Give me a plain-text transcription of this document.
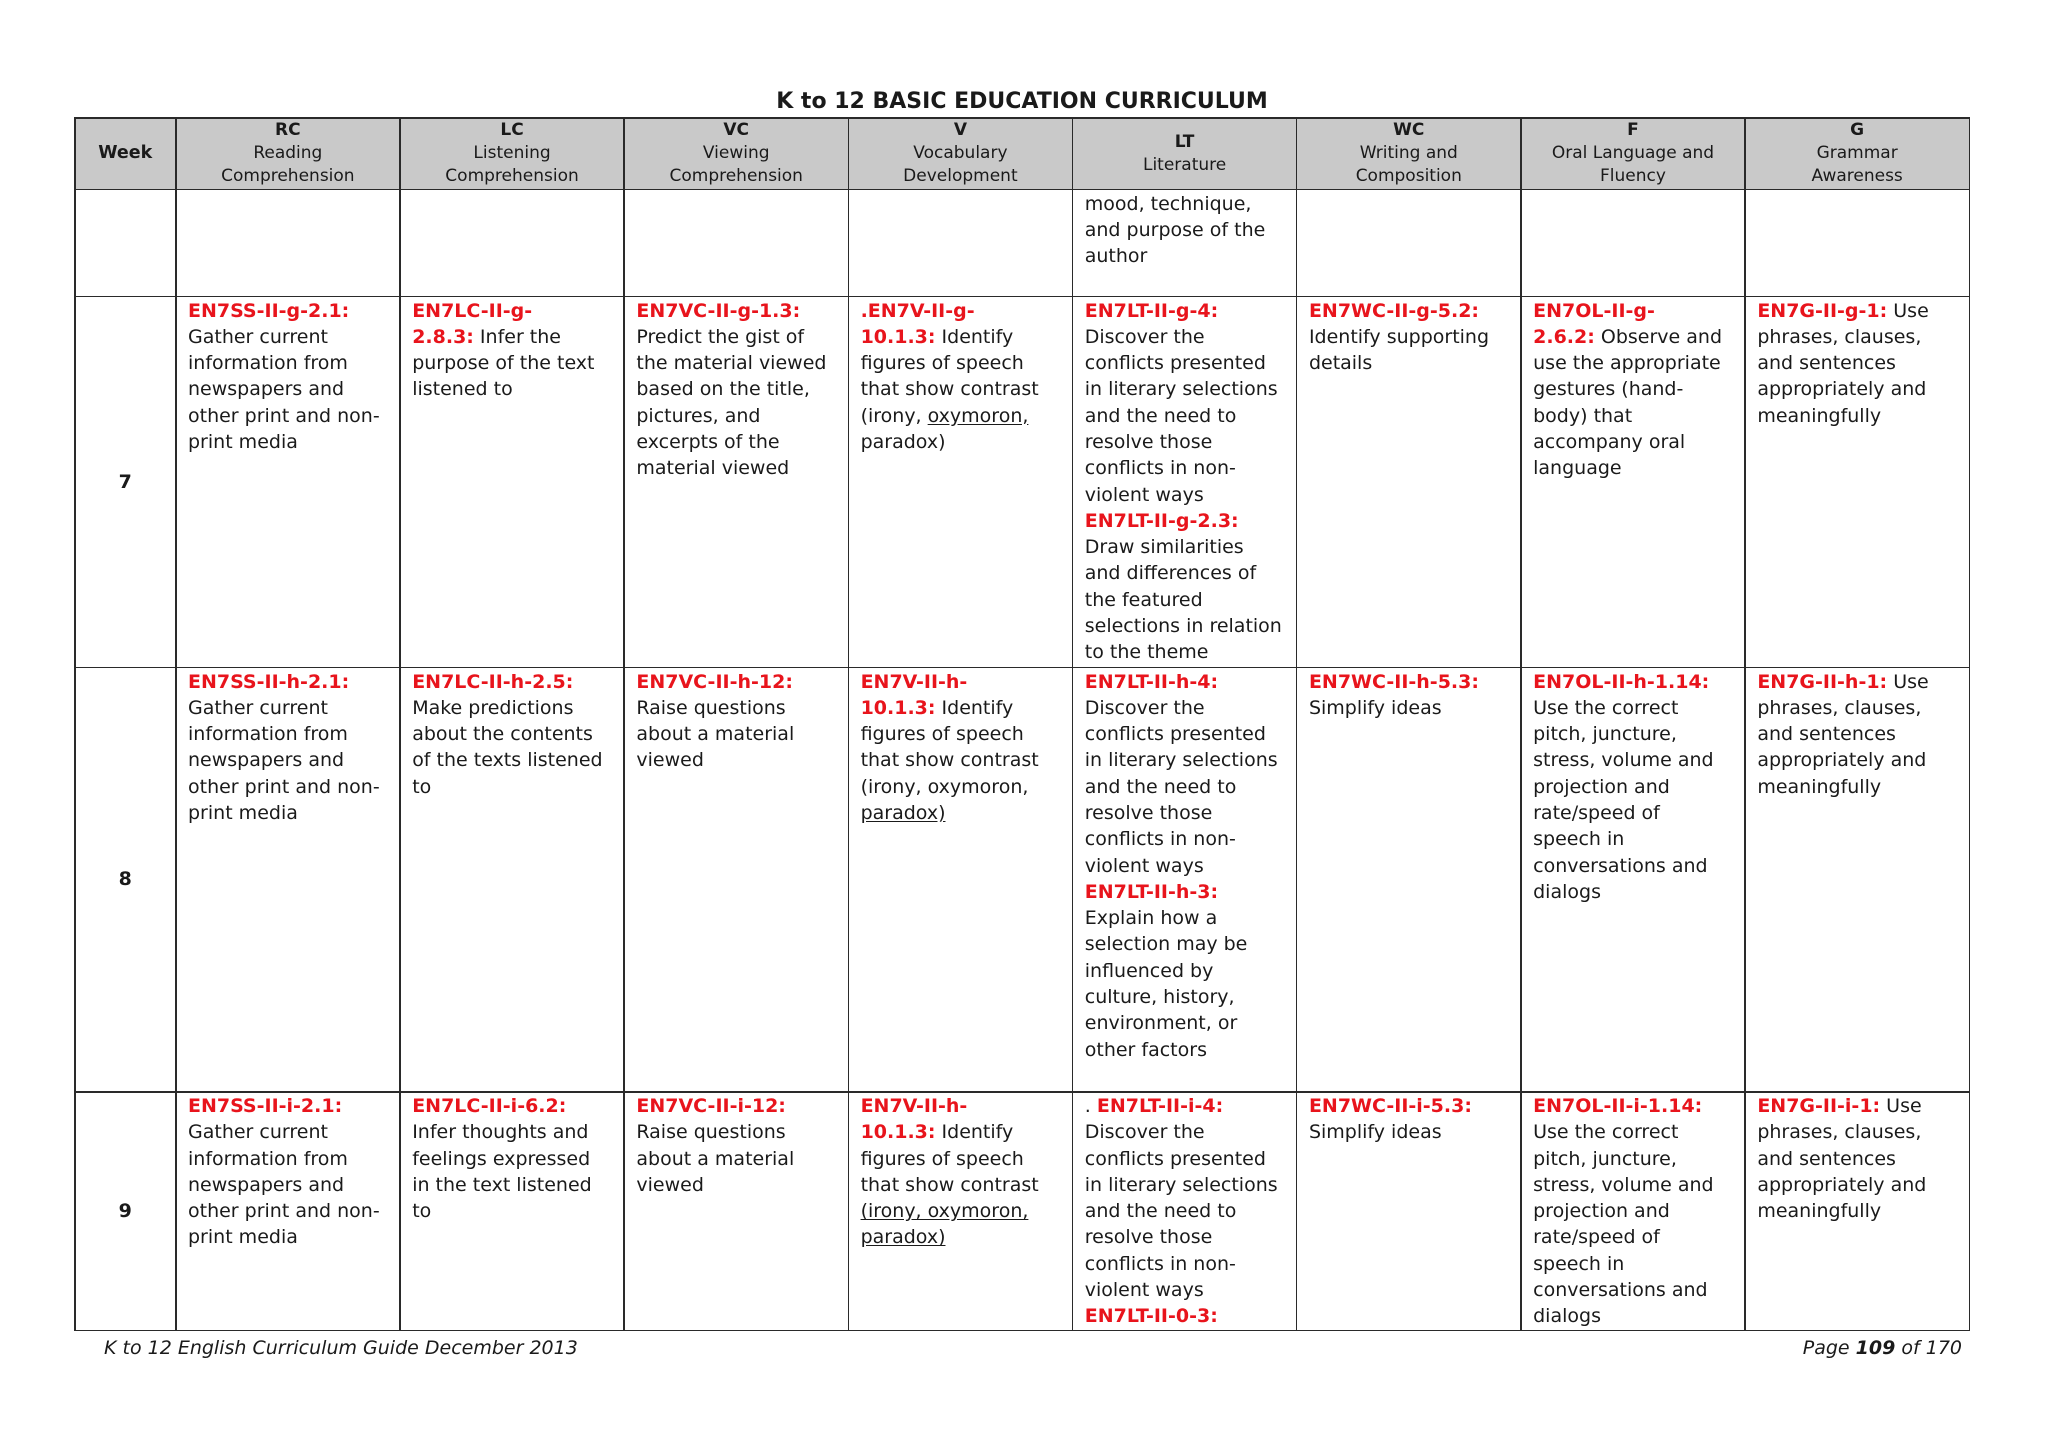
K to 12 BASIC EDUCATION CURRICULUM
Week
RC
Reading
Comprehension
LC
Listening
Comprehension
VC
Viewing
Comprehension
V
Vocabulary
Development
LT
Literature
WC
Writing and
Composition
F
Oral Language and
Fluency
G
Grammar
Awareness
mood, technique,
and purpose of the
author
7
EN7SS-II-g-2.1:
Gather current
information from
newspapers and
other print and non-
print media
EN7LC-II-g-
2.8.3: Infer the
purpose of the text
listened to
EN7VC-II-g-1.3:
Predict the gist of
the material viewed
based on the title,
pictures, and
excerpts of the
material viewed
.EN7V-II-g-
10.1.3: Identify
figures of speech
that show contrast
(irony, oxymoron,
paradox)
EN7LT-II-g-4:
Discover the
conflicts presented
in literary selections
and the need to
resolve those
conflicts in non-
violent ways
EN7LT-II-g-2.3:
Draw similarities
and differences of
the featured
selections in relation
to the theme
EN7WC-II-g-5.2:
Identify supporting
details
EN7OL-II-g-
2.6.2: Observe and
use the appropriate
gestures (hand-
body) that
accompany oral
language
EN7G-II-g-1: Use
phrases, clauses,
and sentences
appropriately and
meaningfully
8
EN7SS-II-h-2.1:
Gather current
information from
newspapers and
other print and non-
print media
EN7LC-II-h-2.5:
Make predictions
about the contents
of the texts listened
to
EN7VC-II-h-12:
Raise questions
about a material
viewed
EN7V-II-h-
10.1.3: Identify
figures of speech
that show contrast
(irony, oxymoron,
paradox)
EN7LT-II-h-4:
Discover the
conflicts presented
in literary selections
and the need to
resolve those
conflicts in non-
violent ways
EN7LT-II-h-3:
Explain how a
selection may be
influenced by
culture, history,
environment, or
other factors
EN7WC-II-h-5.3:
Simplify ideas
EN7OL-II-h-1.14:
Use the correct
pitch, juncture,
stress, volume and
projection and
rate/speed of
speech in
conversations and
dialogs
EN7G-II-h-1: Use
phrases, clauses,
and sentences
appropriately and
meaningfully
9
EN7SS-II-i-2.1:
Gather current
information from
newspapers and
other print and non-
print media
EN7LC-II-i-6.2:
Infer thoughts and
feelings expressed
in the text listened
to
EN7VC-II-i-12:
Raise questions
about a material
viewed
EN7V-II-h-
10.1.3: Identify
figures of speech
that show contrast
(irony, oxymoron,
paradox)
. EN7LT-II-i-4:
Discover the
conflicts presented
in literary selections
and the need to
resolve those
conflicts in non-
violent ways
EN7LT-II-0-3:
EN7WC-II-i-5.3:
Simplify ideas
EN7OL-II-i-1.14:
Use the correct
pitch, juncture,
stress, volume and
projection and
rate/speed of
speech in
conversations and
dialogs
EN7G-II-i-1: Use
phrases, clauses,
and sentences
appropriately and
meaningfully
K to 12 English Curriculum Guide December 2013	Page 109 of 170
